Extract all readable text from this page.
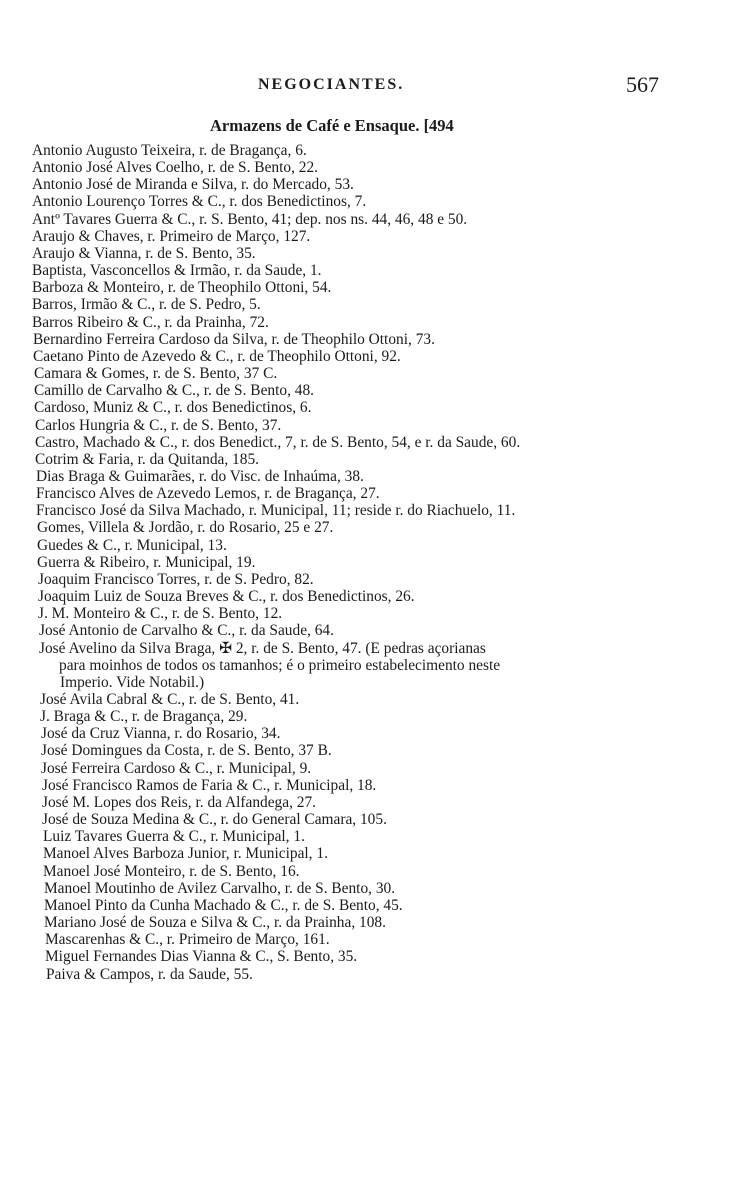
NEGOCIANTES.	567
Armazens de Café e Ensaque. [494
Antonio Augusto Teixeira, r. de Bragança, 6.
Antonio José Alves Coelho, r. de S. Bento, 22.
Antonio José de Miranda e Silva, r. do Mercado, 53.
Antonio Lourenço Torres & C., r. dos Benedictinos, 7.
Antº Tavares Guerra & C., r. S. Bento, 41; dep. nos ns. 44, 46, 48 e 50.
Araujo & Chaves, r. Primeiro de Março, 127.
Araujo & Vianna, r. de S. Bento, 35.
Baptista, Vasconcellos & Irmão, r. da Saude, 1.
Barboza & Monteiro, r. de Theophilo Ottoni, 54.
Barros, Irmão & C., r. de S. Pedro, 5.
Barros Ribeiro & C., r. da Prainha, 72.
Bernardino Ferreira Cardoso da Silva, r. de Theophilo Ottoni, 73.
Caetano Pinto de Azevedo & C., r. de Theophilo Ottoni, 92.
Camara & Gomes, r. de S. Bento, 37 C.
Camillo de Carvalho & C., r. de S. Bento, 48.
Cardoso, Muniz & C., r. dos Benedictinos, 6.
Carlos Hungria & C., r. de S. Bento, 37.
Castro, Machado & C., r. dos Benedict., 7, r. de S. Bento, 54, e r. da Saude, 60.
Cotrim & Faria, r. da Quitanda, 185.
Dias Braga & Guimarães, r. do Visc. de Inhaúma, 38.
Francisco Alves de Azevedo Lemos, r. de Bragança, 27.
Francisco José da Silva Machado, r. Municipal, 11; reside r. do Riachuelo, 11.
Gomes, Villela & Jordão, r. do Rosario, 25 e 27.
Guedes & C., r. Municipal, 13.
Guerra & Ribeiro, r. Municipal, 19.
Joaquim Francisco Torres, r. de S. Pedro, 82.
Joaquim Luiz de Souza Breves & C., r. dos Benedictinos, 26.
J. M. Monteiro & C., r. de S. Bento, 12.
José Antonio de Carvalho & C., r. da Saude, 64.
José Avelino da Silva Braga, ✠ 2, r. de S. Bento, 47. (E pedras açorianas
para moinhos de todos os tamanhos; é o primeiro estabelecimento neste
Imperio. Vide Notabil.)
José Avila Cabral & C., r. de S. Bento, 41.
J. Braga & C., r. de Bragança, 29.
José da Cruz Vianna, r. do Rosario, 34.
José Domingues da Costa, r. de S. Bento, 37 B.
José Ferreira Cardoso & C., r. Municipal, 9.
José Francisco Ramos de Faria & C., r. Municipal, 18.
José M. Lopes dos Reis, r. da Alfandega, 27.
José de Souza Medina & C., r. do General Camara, 105.
Luiz Tavares Guerra & C., r. Municipal, 1.
Manoel Alves Barboza Junior, r. Municipal, 1.
Manoel José Monteiro, r. de S. Bento, 16.
Manoel Moutinho de Avilez Carvalho, r. de S. Bento, 30.
Manoel Pinto da Cunha Machado & C., r. de S. Bento, 45.
Mariano José de Souza e Silva & C., r. da Prainha, 108.
Mascarenhas & C., r. Primeiro de Março, 161.
Miguel Fernandes Dias Vianna & C., S. Bento, 35.
Paiva & Campos, r. da Saude, 55.
